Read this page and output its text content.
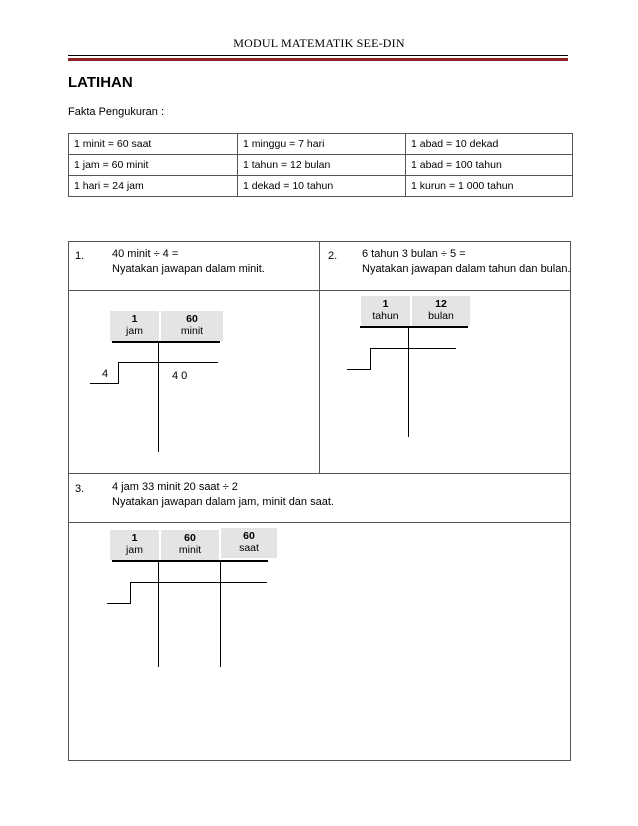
MODUL MATEMATIK SEE-DIN
LATIHAN
Fakta Pengukuran :
1 minit = 60 saat	1 minggu = 7 hari	1 abad = 10 dekad
1 jam = 60 minit	1 tahun = 12 bulan	1 abad = 100 tahun
1 hari = 24 jam	1 dekad = 10 tahun	1 kurun = 1 000 tahun
1.	40 minit ÷ 4 =
Nyatakan jawapan dalam minit.
1
jam
60
minit
4	4 0
2. 6 tahun 3 bulan ÷ 5 =
Nyatakan jawapan dalam tahun dan bulan.
1
tahun
12
bulan
3.	4 jam 33 minit 20 saat ÷ 2
Nyatakan jawapan dalam jam, minit dan saat.
1
jam
60
minit
60
saat
